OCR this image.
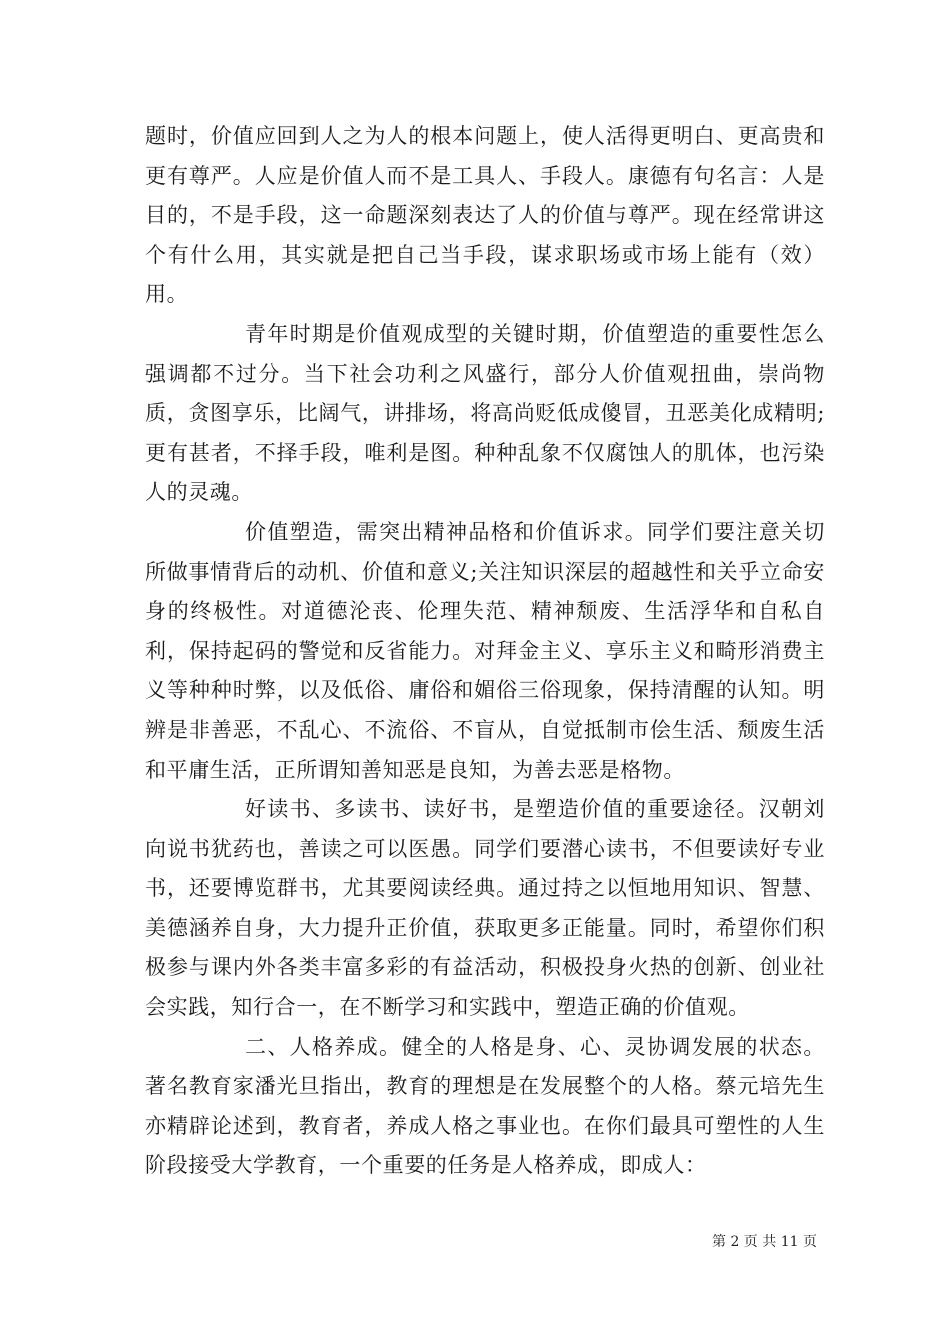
题时，价值应回到人之为人的根本问题上，使人活得更明白、更高贵和更有尊严。人应是价值人而不是工具人、手段人。康德有句名言：人是目的，不是手段，这一命题深刻表达了人的价值与尊严。现在经常讲这个有什么用，其实就是把自己当手段，谋求职场或市场上能有（效）用。

青年时期是价值观成型的关键时期，价值塑造的重要性怎么强调都不过分。当下社会功利之风盛行，部分人价值观扭曲，崇尚物质，贪图享乐，比阔气，讲排场，将高尚贬低成傻冒，丑恶美化成精明;更有甚者，不择手段，唯利是图。种种乱象不仅腐蚀人的肌体，也污染人的灵魂。

价值塑造，需突出精神品格和价值诉求。同学们要注意关切所做事情背后的动机、价值和意义;关注知识深层的超越性和关乎立命安身的终极性。对道德沦丧、伦理失范、精神颓废、生活浮华和自私自利，保持起码的警觉和反省能力。对拜金主义、享乐主义和畸形消费主义等种种时弊，以及低俗、庸俗和媚俗三俗现象，保持清醒的认知。明辨是非善恶，不乱心、不流俗、不盲从，自觉抵制市侩生活、颓废生活和平庸生活，正所谓知善知恶是良知，为善去恶是格物。

好读书、多读书、读好书，是塑造价值的重要途径。汉朝刘向说书犹药也，善读之可以医愚。同学们要潜心读书，不但要读好专业书，还要博览群书，尤其要阅读经典。通过持之以恒地用知识、智慧、美德涵养自身，大力提升正价值，获取更多正能量。同时，希望你们积极参与课内外各类丰富多彩的有益活动，积极投身火热的创新、创业社会实践，知行合一，在不断学习和实践中，塑造正确的价值观。

二、人格养成。健全的人格是身、心、灵协调发展的状态。著名教育家潘光旦指出，教育的理想是在发展整个的人格。蔡元培先生亦精辟论述到，教育者，养成人格之事业也。在你们最具可塑性的人生阶段接受大学教育，一个重要的任务是人格养成，即成人：

第 2 页 共 11 页
